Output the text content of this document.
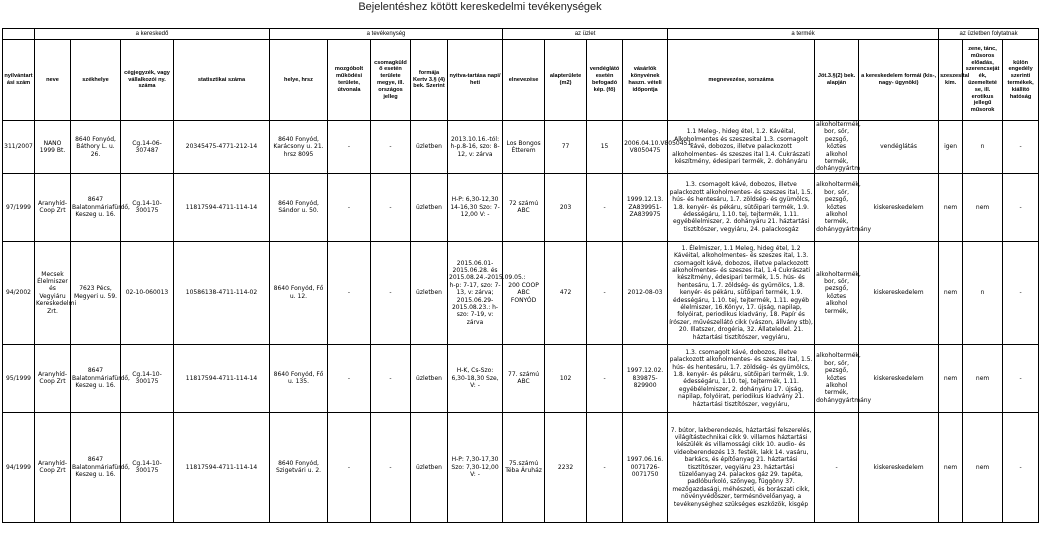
Bejelentéshez kötött kereskedelmi tevékenységek
	a kereskedő				a tevékenység					az üzlet				a termék			az üzletben folytatnak		
nyilvántart ási szám	neve	székhelye	cégjegyzék, vagy vállalkozói ny. száma	statisztikai száma	helye, hrsz	mozgóbolt működési területe, útvonala	csomagküld ő esetén területe megye, ill. országos jelleg	formája Kertv 3.§ (4) bek. Szerint	nyitva-tartása napi/ heti	elnevezése	alapterülete (m2)	vendéglátó esetén befogadó kép. (fő)	vásárlók könyvének haszn. vételi időpontja	megnevezése, sorszáma	Jöt.3.§(2) bek. alapján	a kereskedelem formái (kis-, nagy- ügynöki)	szeszesital kim.	zene, tánc, műsoros előadás, szerencseját ék, üzemelteté se, ill. erotikus jellegű műsorok	külön engedély szerinti termékek, kiállító hatóság
311/2007	NANO 1999 Bt.	8640 Fonyód, Báthory L. u. 26.	Cg.14-06-307487	20345475-4771-212-14	8640 Fonyód, Karácsony u. 21. hrsz 8095	-	-	üzletben	2013.10.16.-tól: h-p.8-16, szo: 8-12, v: zárva	Los Bongos Étterem	77	15	2006.04.10.V8050451-V8050475	1.1 Meleg-, hideg étel, 1.2. Kávéital, Alkoholmentes és szeszesital 1.3. csomagolt kávé, dobozos, illetve palackozott alkoholmentes- és szeszes ital 1.4. Cukrászati készítmény, édesipari termék, 2. dohányáru	alkoholtermék, bor, sör, pezsgő, köztes alkohol termék, dohánygyártm	vendéglátás	igen	n	-
97/1999	Aranyhíd-Coop Zrt	8647 Balatonmáriafürdő, Keszeg u. 16.	Cg.14-10-300175	11817594-4711-114-14	8640 Fonyód, Sándor u. 50.	-	-	üzletben	H-P: 6,30-12,30 14-16,30 Szo: 7-12,00 V: -	72 számú ABC	203	-	1999.12.13. ZA839951-ZA839975	1.3. csomagolt kávé, dobozos, illetve palackozott alkoholmentes- és szeszes ital, 1.5. hús- és hentesáru, 1.7. zöldség- és gyümölcs, 1.8. kenyér- és pékáru, sütőipari termék, 1.9. édességáru, 1.10. tej, tejtermék, 1.11. egyébélelmiszer, 2. dohányáru 21. háztartási tisztítószer, vegyiáru, 24. palackosgáz	alkoholtermék, bor, sör, pezsgő, köztes alkohol termék, dohánygyártmány	kiskereskedelem	nem	nem	-
94/2002	Mecsek Élelmiszer és Vegyiáru Kereskedelmi Zrt.	7623 Pécs, Megyeri u. 59.	02-10-060013	10586138-4711-114-02	8640 Fonyód, Fő u. 12.	-	-	üzletben	2015.06.01-2015.06.28. és 2015.08.24.-2015.09.05.: h-p: 7-17, szo: 7-13, v: zárva; 2015.06.29-2015.08.23.: h-szo: 7-19, v: zárva	200 COOP ABC FONYÓD	472	-	2012-08-03	1. Élelmiszer, 1.1 Meleg, hideg étel, 1.2 Kávéital, alkoholmentes- és szeszes ital, 1.3. csomagolt kávé, dobozos, illetve palackozott alkoholmentes- és szeszes ital, 1.4 Cukrászati készítmény, édesipari termék, 1.5. hús- és hentesáru, 1.7. zöldség- és gyümölcs, 1.8. kenyér- és pékáru, sütőipari termék, 1.9. édességáru, 1.10. tej, tejtermék, 1.11. egyéb élelmiszer, 16.Könyv, 17. újság, napilap, folyóirat, periodikus kiadvány, 18. Papír és írószer, művészellátó cikk (vászon, állvány stb), 20. Illatszer, drogéria, 32. Állateledel. 21. háztartási tisztítószer, vegyiáru,	alkoholtermék, bor, sör, pezsgő, köztes alkohol termék,	kiskereskedelem	nem	n	-
95/1999	Aranyhíd-Coop Zrt	8647 Balatonmáriafürdő, Keszeg u. 16.	Cg.14-10-300175	11817594-4711-114-14	8640 Fonyód, Fő u. 135.	-	-	üzletben	H-K, Cs-Szo: 6,30-18,30 Sze, V: -	77. számú ABC	102	-	1997.12.02. 839875-829900	1.3. csomagolt kávé, dobozos, illetve palackozott alkoholmentes- és szeszes ital, 1.5. hús- és hentesáru, 1.7. zöldség- és gyümölcs, 1.8. kenyér- és pékáru, sütőipari termék, 1.9. édességáru, 1.10. tej, tejtermék, 1.11. egyébélelmiszer, 2. dohányáru 17. újság, napilap, folyóirat, periodikus kiadvány 21. háztartási tisztítószer, vegyiáru,	alkoholtermék, bor, sör, pezsgő, köztes alkohol termék, dohánygyártmány	kiskereskedelem	nem	nem	-
94/1999	Aranyhíd-Coop Zrt	8647 Balatonmáriafürdő, Keszeg u. 16.	Cg.14-10-300175	11817594-4711-114-14	8640 Fonyód, Szigetvári u. 2.	-	-	üzletben	H-P: 7,30-17,30 Szo: 7,30-12,00 V: -	75.számú Téba Áruház	2232	-	1997.06.16. 0071726-0071750	7. bútor, lakberendezés, háztartási felszerelés, világítástechnikai cikk 9. villamos háztartási készülék és villamossági cikk 10. audio- és videoberendezés 13. festék, lakk 14. vasáru, barkács, és építőanyag 21. háztartási tisztítószer, vegyiáru 23. háztartási tüzelőanyag 24. palackos gáz 29. tapéta, padlóburkoló, szőnyeg, függöny 37. mezőgazdasági, méhészeti, és borászati cikk, növényvédőszer, termésnövelőanyag, a tevékenységhez szükséges eszközök, kisgép	-	kiskereskedelem	nem	nem	-
